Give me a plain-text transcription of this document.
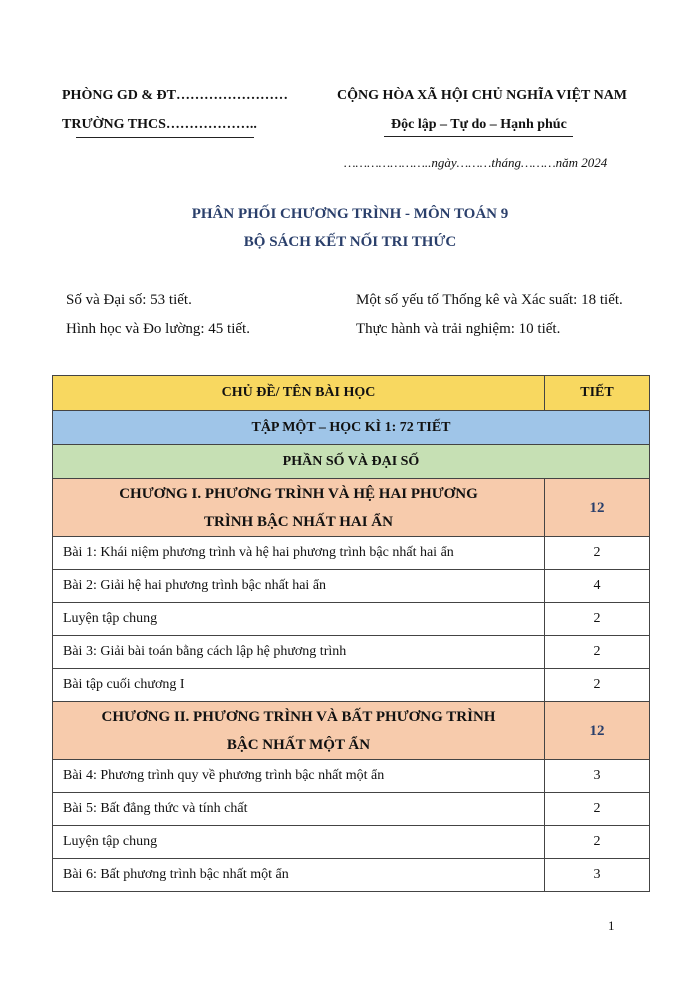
PHÒNG GD & ĐT……………………
TRƯỜNG THCS………………..
CỘNG HÒA XÃ HỘI CHỦ NGHĨA VIỆT NAM
Độc lập – Tự do – Hạnh phúc
…………………..ngày………tháng………năm 2024
PHÂN PHỐI CHƯƠNG TRÌNH - MÔN TOÁN 9
BỘ SÁCH KẾT NỐI TRI THỨC
Số và Đại số: 53 tiết.	Một số yếu tố Thống kê và Xác suất: 18 tiết.
Hình học và Đo lường: 45 tiết.	Thực hành và trải nghiệm: 10 tiết.
CHỦ ĐỀ/ TÊN BÀI HỌC	TIẾT
TẬP MỘT – HỌC KÌ 1: 72 TIẾT	
PHẦN SỐ VÀ ĐẠI SỐ	
CHƯƠNG I. PHƯƠNG TRÌNH VÀ HỆ HAI PHƯƠNG TRÌNH BẬC NHẤT HAI ẨN	12
Bài 1: Khái niệm phương trình và hệ hai phương trình bậc nhất hai ẩn	2
Bài 2: Giải hệ hai phương trình bậc nhất hai ẩn	4
Luyện tập chung	2
Bài 3: Giải bài toán bằng cách lập hệ phương trình	2
Bài tập cuối chương I	2
CHƯƠNG II. PHƯƠNG TRÌNH VÀ BẤT PHƯƠNG TRÌNH BẬC NHẤT MỘT ẨN	12
Bài 4: Phương trình quy về phương trình bậc nhất một ẩn	3
Bài 5: Bất đẳng thức và tính chất	2
Luyện tập chung	2
Bài 6: Bất phương trình bậc nhất một ẩn	3
1
